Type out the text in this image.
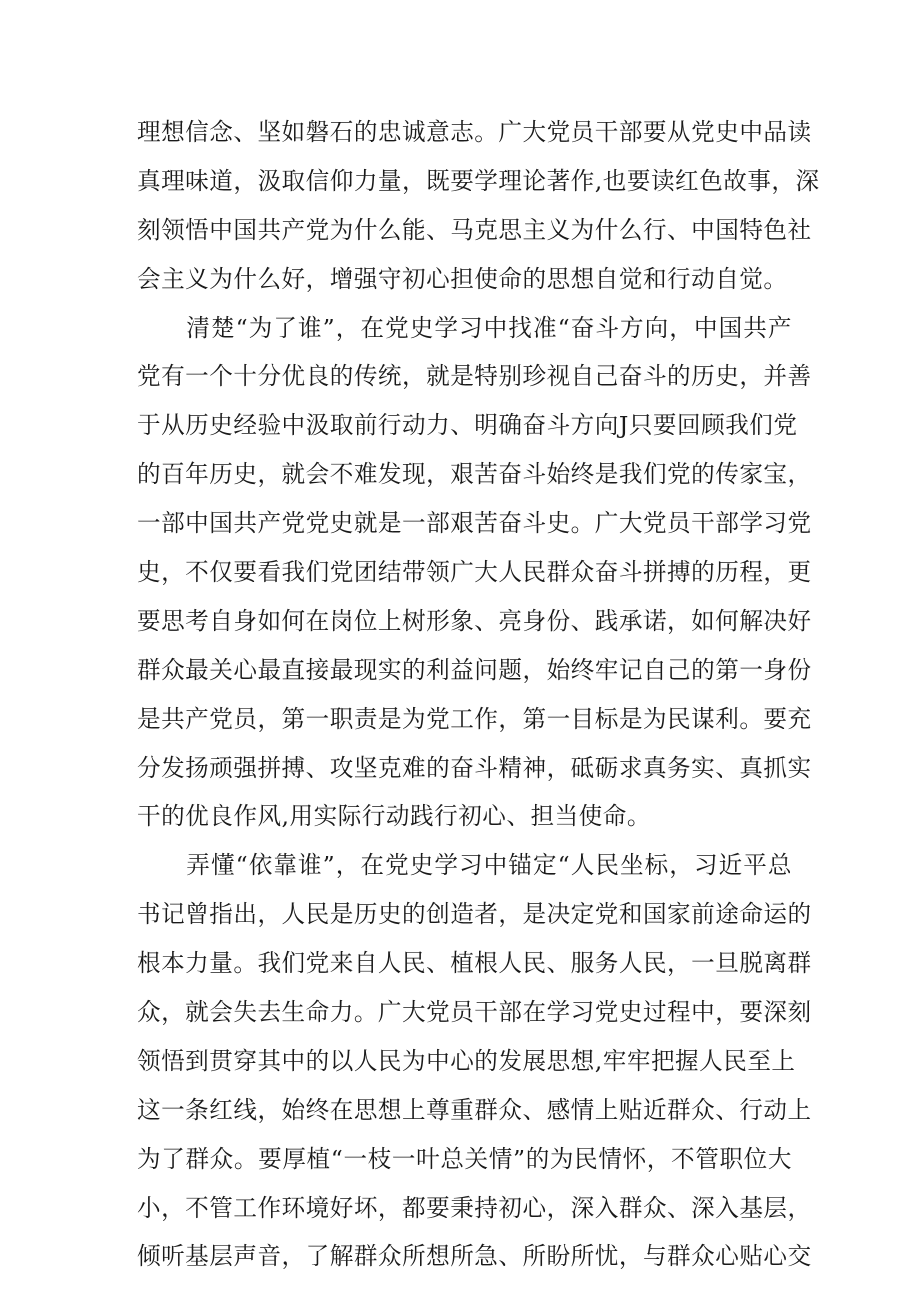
理想信念、坚如磐石的忠诚意志。广大党员干部要从党史中品读
真理味道，汲取信仰力量，既要学理论著作,也要读红色故事，深
刻领悟中国共产党为什么能、马克思主义为什么行、中国特色社
会主义为什么好，增强守初心担使命的思想自觉和行动自觉。
　　清楚“为了谁”，在党史学习中找准“奋斗方向，中国共产
党有一个十分优良的传统，就是特别珍视自己奋斗的历史，并善
于从历史经验中汲取前行动力、明确奋斗方向J只要回顾我们党
的百年历史，就会不难发现，艰苦奋斗始终是我们党的传家宝，
一部中国共产党党史就是一部艰苦奋斗史。广大党员干部学习党
史，不仅要看我们党团结带领广大人民群众奋斗拼搏的历程，更
要思考自身如何在岗位上树形象、亮身份、践承诺，如何解决好
群众最关心最直接最现实的利益问题，始终牢记自己的第一身份
是共产党员，第一职责是为党工作，第一目标是为民谋利。要充
分发扬顽强拼搏、攻坚克难的奋斗精神，砥砺求真务实、真抓实
干的优良作风,用实际行动践行初心、担当使命。
　　弄懂“依靠谁”，在党史学习中锚定“人民坐标，习近平总
书记曾指出，人民是历史的创造者，是决定党和国家前途命运的
根本力量。我们党来自人民、植根人民、服务人民，一旦脱离群
众，就会失去生命力。广大党员干部在学习党史过程中，要深刻
领悟到贯穿其中的以人民为中心的发展思想,牢牢把握人民至上
这一条红线，始终在思想上尊重群众、感情上贴近群众、行动上
为了群众。要厚植“一枝一叶总关情”的为民情怀，不管职位大
小，不管工作环境好坏，都要秉持初心，深入群众、深入基层，
倾听基层声音，了解群众所想所急、所盼所忧，与群众心贴心交
